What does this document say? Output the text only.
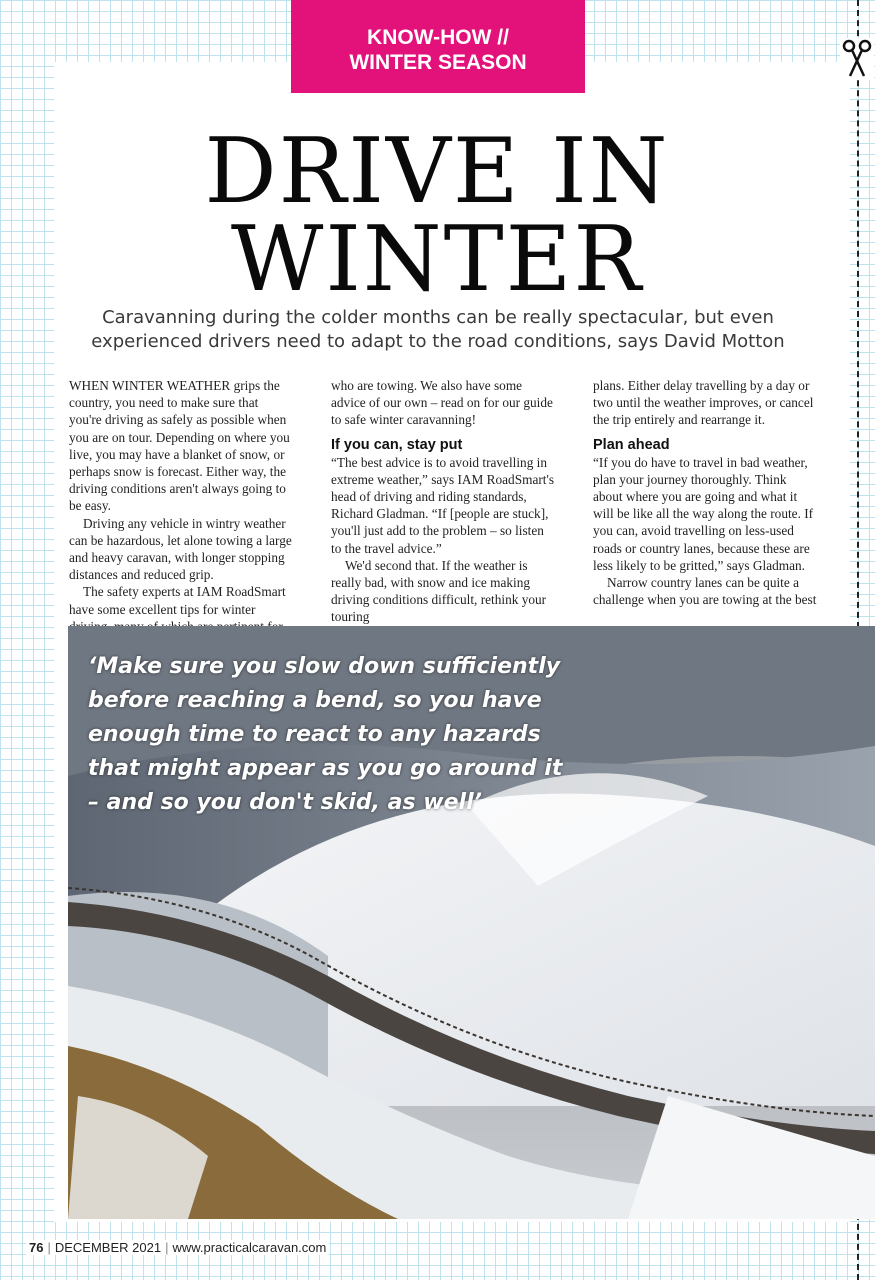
KNOW-HOW //
WINTER SEASON
DRIVE IN
WINTER
Caravanning during the colder months can be really spectacular, but even experienced drivers need to adapt to the road conditions, says David Motton

WHEN WINTER WEATHER grips the country, you need to make sure that you're driving as safely as possible when you are on tour. Depending on where you live, you may have a blanket of snow, or perhaps snow is forecast. Either way, the driving conditions aren't always going to be easy.

Driving any vehicle in wintry weather can be hazardous, let alone towing a large and heavy caravan, with longer stopping distances and reduced grip.

The safety experts at IAM RoadSmart have some excellent tips for winter

who are towing. We also have some advice of our own – read on for our guide to safe winter caravanning!

If you can, stay put

“The best advice is to avoid travelling in extreme weather,” says IAM RoadSmart's head of driving and riding standards, Richard Gladman. “If [people are stuck], you'll just add to the problem – so listen to the travel advice.”

We'd second that. If the weather is really bad, with snow and ice making driving conditions difficult, rethink your touring

plans. Either delay travelling by a day or two until the weather improves, or cancel the trip entirely and rearrange it.

Plan ahead

“If you do have to travel in bad weather, plan your journey thoroughly. Think about where you are going and what it will be like all the way along the route. If you can, avoid travelling on less-used roads or country lanes, because these are less likely to be gritted,” says Gladman.

Narrow country lanes can be quite a challenge when you are towing at the best

‘Make sure you slow down sufficiently before reaching a bend, so you have enough time to react to any hazards that might appear as you go around it – and so you don't skid, as well’
76 | DECEMBER 2021 | www.practicalcaravan.com
